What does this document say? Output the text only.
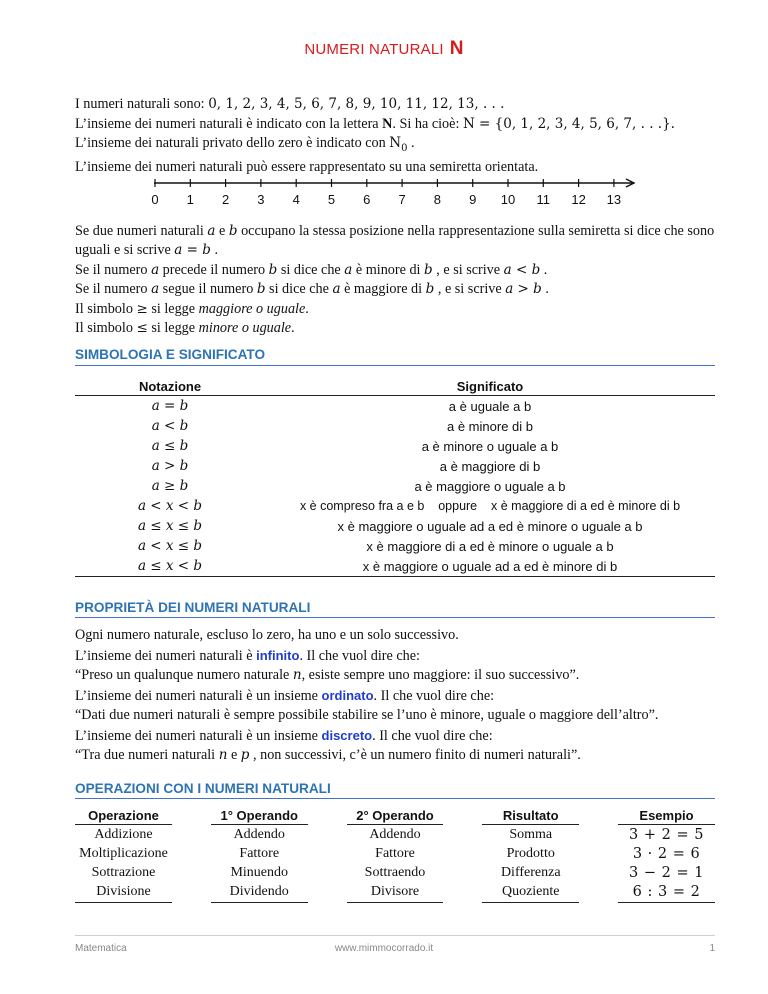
NUMERI NATURALI N

I numeri naturali sono: 0, 1, 2, 3, 4, 5, 6, 7, 8, 9, 10, 11, 12, 13, . . .

L’insieme dei numeri naturali è indicato con la lettera N. Si ha cioè: N = {0, 1, 2, 3, 4, 5, 6, 7, . . .}.

L’insieme dei naturali privato dello zero è indicato con $N_0$ .

L’insieme dei numeri naturali può essere rappresentato su una semiretta orientata.

0 1 2 3 4 5 6 7 8 9 10 11 12 13

Se due numeri naturali a e b occupano la stessa posizione nella rappresentazione sulla semiretta si dice che sono uguali e si scrive a = b .

Se il numero a precede il numero b si dice che a è minore di b , e si scrive a < b .

Se il numero a segue il numero b si dice che a è maggiore di b , e si scrive a > b .

Il simbolo ≥ si legge maggiore o uguale.

Il simbolo ≤ si legge minore o uguale.

SIMBOLOGIA E SIGNIFICATO
Notazione	Significato
a = b	a è uguale a b
a < b	a è minore di b
a ≤ b	a è minore o uguale a b
a > b	a è maggiore di b
a ≥ b	a è maggiore o uguale a b
a < x < b	x è compreso fra a e b    oppure    x è maggiore di a ed è minore di b
a ≤ x ≤ b	x è maggiore o uguale ad a ed è minore o uguale a b
a < x ≤ b	x è maggiore di a ed è minore o uguale a b
a ≤ x < b	x è maggiore o uguale ad a ed è minore di b
PROPRIETÀ DEI NUMERI NATURALI

Ogni numero naturale, escluso lo zero, ha uno e un solo successivo.

L’insieme dei numeri naturali è infinito. Il che vuol dire che:

“Preso un qualunque numero naturale n, esiste sempre uno maggiore: il suo successivo”.

L’insieme dei numeri naturali è un insieme ordinato. Il che vuol dire che:

“Dati due numeri naturali è sempre possibile stabilire se l’uno è minore, uguale o maggiore dell’altro”.

L’insieme dei numeri naturali è un insieme discreto. Il che vuol dire che:

“Tra due numeri naturali n e p , non successivi, c’è un numero finito di numeri naturali”.

OPERAZIONI CON I NUMERI NATURALI
Operazione		1° Operando		2° Operando		Risultato		Esempio
Addizione		Addendo		Addendo		Somma		3 + 2 = 5
Moltiplicazione		Fattore		Fattore		Prodotto		3 · 2 = 6
Sottrazione		Minuendo		Sottraendo		Differenza		3 − 2 = 1
Divisione		Dividendo		Divisore		Quoziente		6 : 3 = 2
Matematica	www.mimmocorrado.it	1
